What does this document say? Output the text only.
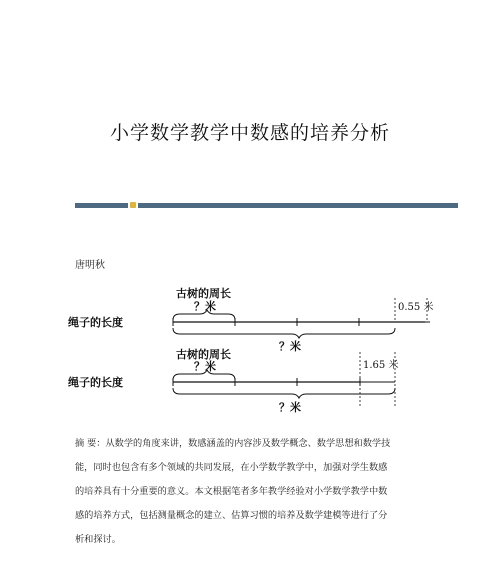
小学数学教学中数感的培养分析
唐明秋
古树的周长
？米
绳子的长度
0.55 米
？米
古树的周长
？米
绳子的长度
1.65 米
？米
摘 要：从数学的角度来讲，数感涵盖的内容涉及数学概念、数学思想和数学技
能，同时也包含有多个领域的共同发展，在小学数学教学中，加强对学生数感
的培养具有十分重要的意义。本文根据笔者多年教学经验对小学数学教学中数
感的培养方式，包括测量概念的建立、估算习惯的培养及数学建模等进行了分
析和探讨。
